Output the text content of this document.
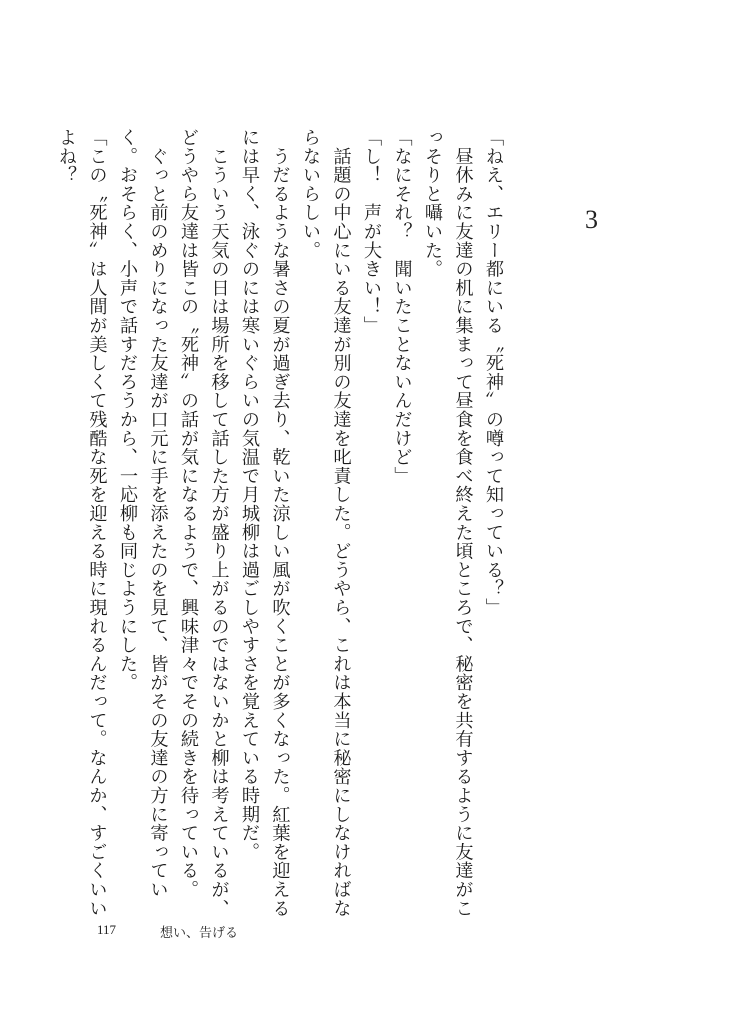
3

「ねえ、エリー都にいる〝死神〟の噂って知っている？」

　昼休みに友達の机に集まって昼食を食べ終えた頃ところで、秘密を共有するように友達がこっそりと囁いた。

「なにそれ？　聞いたことないんだけど」

「し！　声が大きい！」

　話題の中心にいる友達が別の友達を叱責した。どうやら、これは本当に秘密にしなければならないらしい。

　うだるような暑さの夏が過ぎ去り、乾いた涼しい風が吹くことが多くなった。紅葉を迎えるには早く、泳ぐのには寒いぐらいの気温で月城柳は過ごしやすさを覚えている時期だ。

　こういう天気の日は場所を移して話した方が盛り上がるのではないかと柳は考えているが、どうやら友達は皆この〝死神〟の話が気になるようで、興味津々でその続きを待っている。

　ぐっと前のめりになった友達が口元に手を添えたのを見て、皆がその友達の方に寄っていく。おそらく、小声で話すだろうから、一応柳も同じようにした。

「この〝死神〟は人間が美しくて残酷な死を迎える時に現れるんだって。なんか、すごくいいよね？

117	想い、告げる
